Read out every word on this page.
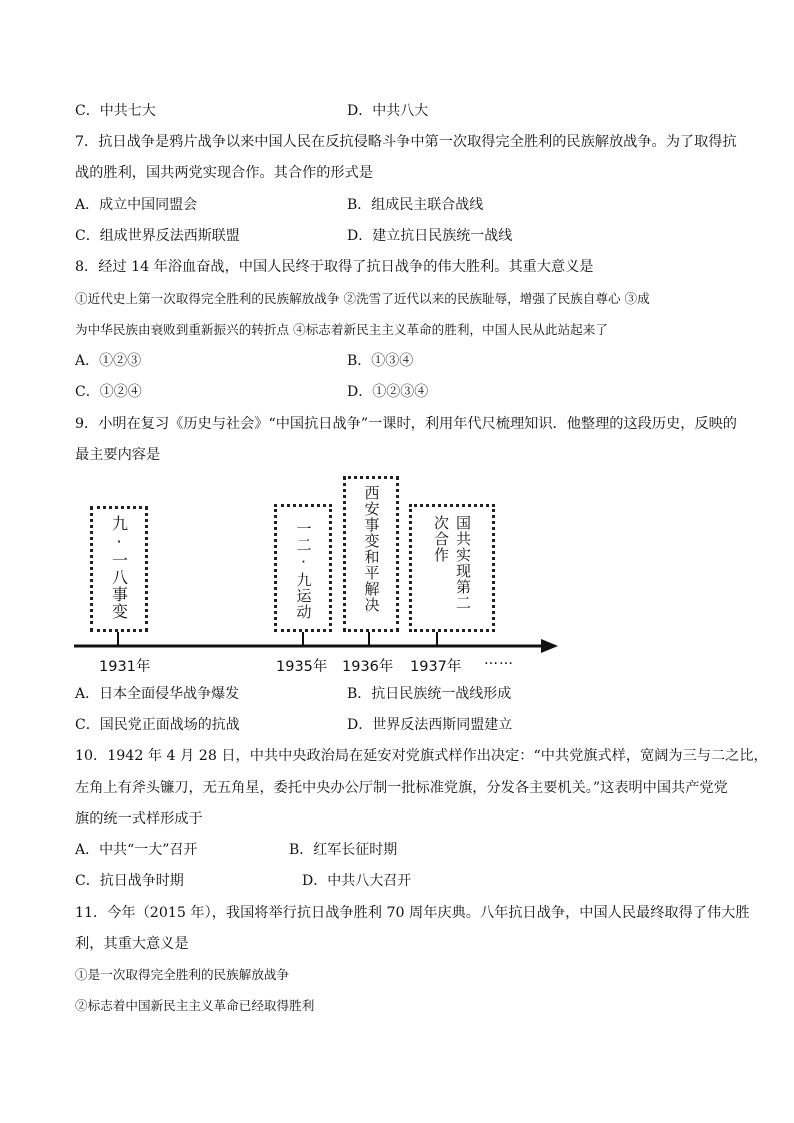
C．中共七大	D．中共八大
7．抗日战争是鸦片战争以来中国人民在反抗侵略斗争中第一次取得完全胜利的民族解放战争。为了取得抗
战的胜利，国共两党实现合作。其合作的形式是
A．成立中国同盟会	B．组成民主联合战线
C．组成世界反法西斯联盟	D．建立抗日民族统一战线
8．经过 14 年浴血奋战，中国人民终于取得了抗日战争的伟大胜利。其重大意义是
①近代史上第一次取得完全胜利的民族解放战争 ②洗雪了近代以来的民族耻辱，增强了民族自尊心 ③成
为中华民族由衰败到重新振兴的转折点 ④标志着新民主主义革命的胜利，中国人民从此站起来了
A．①②③	B．①③④
C．①②④	D．①②③④
9．小明在复习《历史与社会》“中国抗日战争”一课时，利用年代尺梳理知识．他整理的这段历史，反映的
最主要内容是
九·一八事变	一二·九运动	西安事变和平解决	国共实现第二次合作
1931年	1935年 1936年 1937年 ……
A．日本全面侵华战争爆发	B．抗日民族统一战线形成
C．国民党正面战场的抗战	D．世界反法西斯同盟建立
10．1942 年 4 月 28 日，中共中央政治局在延安对党旗式样作出决定：“中共党旗式样，宽阔为三与二之比，
左角上有斧头镰刀，无五角星，委托中央办公厅制一批标准党旗，分发各主要机关。”这表明中国共产党党
旗的统一式样形成于
A．中共“一大”召开	B．红军长征时期
C．抗日战争时期	D．中共八大召开
11．今年（2015 年），我国将举行抗日战争胜利 70 周年庆典。八年抗日战争，中国人民最终取得了伟大胜
利，其重大意义是
①是一次取得完全胜利的民族解放战争
②标志着中国新民主主义革命已经取得胜利
